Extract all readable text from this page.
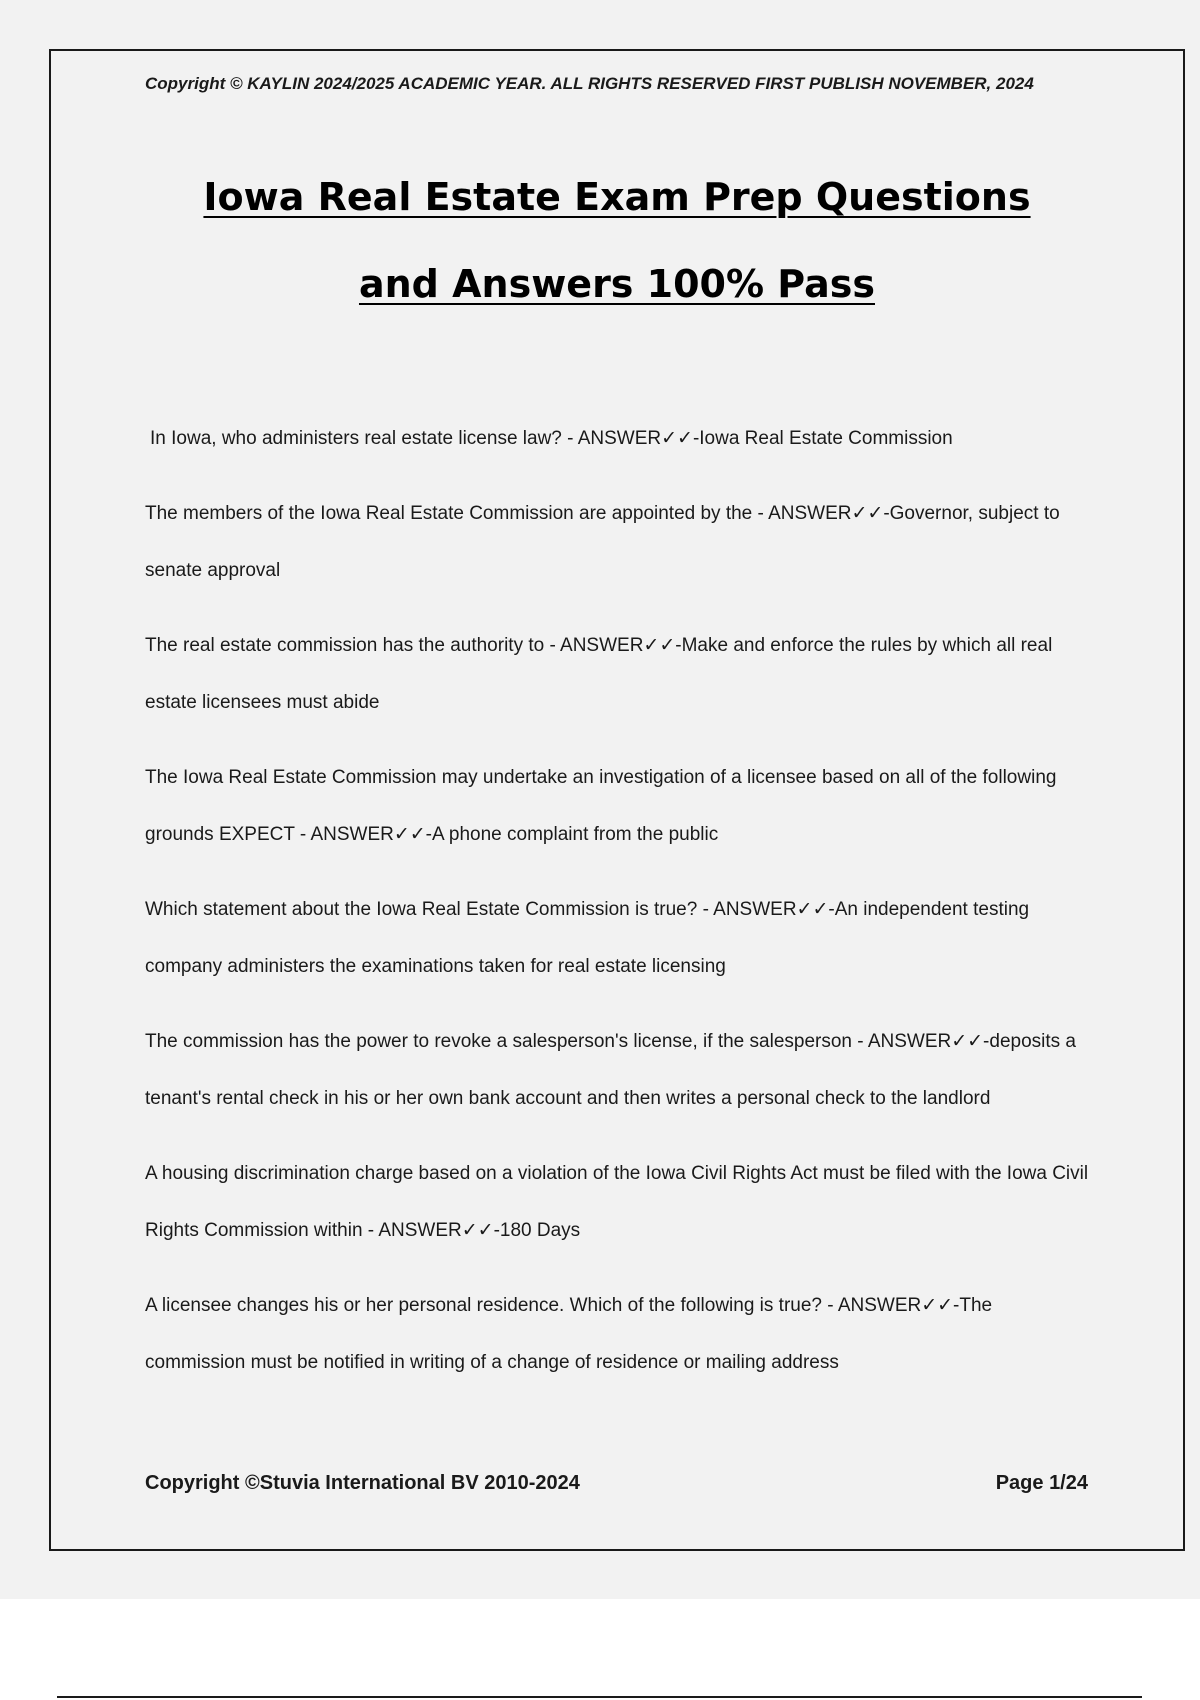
Copyright © KAYLIN 2024/2025 ACADEMIC YEAR. ALL RIGHTS RESERVED FIRST PUBLISH NOVEMBER, 2024
Iowa Real Estate Exam Prep Questions
and Answers 100% Pass
In Iowa, who administers real estate license law? - ANSWER✓✓-Iowa Real Estate Commission
The members of the Iowa Real Estate Commission are appointed by the - ANSWER✓✓-Governor, subject to senate approval
The real estate commission has the authority to - ANSWER✓✓-Make and enforce the rules by which all real estate licensees must abide
The Iowa Real Estate Commission may undertake an investigation of a licensee based on all of the following grounds EXPECT - ANSWER✓✓-A phone complaint from the public
Which statement about the Iowa Real Estate Commission is true? - ANSWER✓✓-An independent testing company administers the examinations taken for real estate licensing
The commission has the power to revoke a salesperson's license, if the salesperson - ANSWER✓✓-deposits a tenant's rental check in his or her own bank account and then writes a personal check to the landlord
A housing discrimination charge based on a violation of the Iowa Civil Rights Act must be filed with the Iowa Civil Rights Commission within - ANSWER✓✓-180 Days
A licensee changes his or her personal residence. Which of the following is true? - ANSWER✓✓-The commission must be notified in writing of a change of residence or mailing address
Copyright ©Stuvia International BV 2010-2024	Page 1/24
